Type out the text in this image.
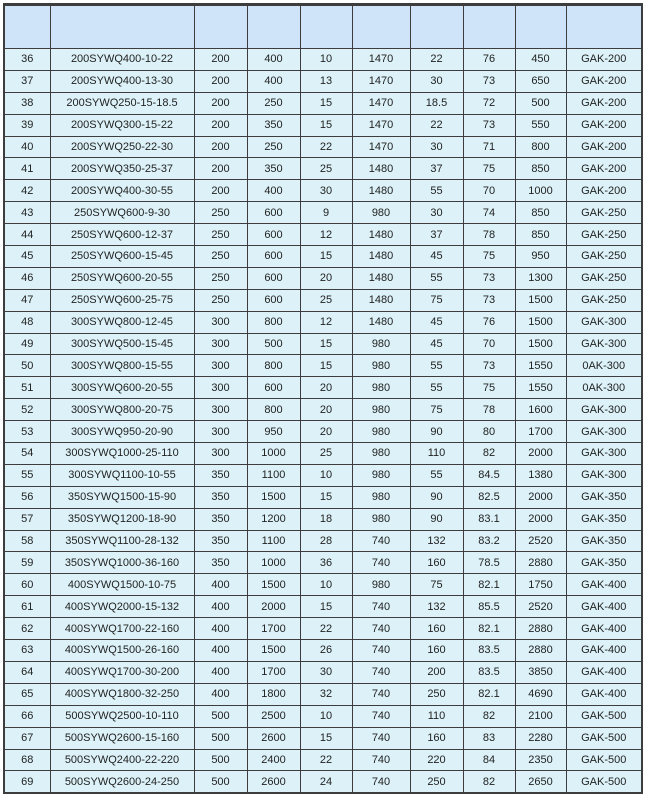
36	200SYWQ400-10-22	200	400	10	1470	22	76	450	GAK-200
37	200SYWQ400-13-30	200	400	13	1470	30	73	650	GAK-200
38	200SYWQ250-15-18.5	200	250	15	1470	18.5	72	500	GAK-200
39	200SYWQ300-15-22	200	350	15	1470	22	73	550	GAK-200
40	200SYWQ250-22-30	200	250	22	1470	30	71	800	GAK-200
41	200SYWQ350-25-37	200	350	25	1480	37	75	850	GAK-200
42	200SYWQ400-30-55	200	400	30	1480	55	70	1000	GAK-200
43	250SYWQ600-9-30	250	600	9	980	30	74	850	GAK-250
44	250SYWQ600-12-37	250	600	12	1480	37	78	850	GAK-250
45	250SYWQ600-15-45	250	600	15	1480	45	75	950	GAK-250
46	250SYWQ600-20-55	250	600	20	1480	55	73	1300	GAK-250
47	250SYWQ600-25-75	250	600	25	1480	75	73	1500	GAK-250
48	300SYWQ800-12-45	300	800	12	1480	45	76	1500	GAK-300
49	300SYWQ500-15-45	300	500	15	980	45	70	1500	GAK-300
50	300SYWQ800-15-55	300	800	15	980	55	73	1550	0AK-300
51	300SYWQ600-20-55	300	600	20	980	55	75	1550	0AK-300
52	300SYWQ800-20-75	300	800	20	980	75	78	1600	GAK-300
53	300SYWQ950-20-90	300	950	20	980	90	80	1700	GAK-300
54	300SYWQ1000-25-110	300	1000	25	980	110	82	2000	GAK-300
55	300SYWQ1100-10-55	350	1100	10	980	55	84.5	1380	GAK-300
56	350SYWQ1500-15-90	350	1500	15	980	90	82.5	2000	GAK-350
57	350SYWQ1200-18-90	350	1200	18	980	90	83.1	2000	GAK-350
58	350SYWQ1100-28-132	350	1100	28	740	132	83.2	2520	GAK-350
59	350SYWQ1000-36-160	350	1000	36	740	160	78.5	2880	GAK-350
60	400SYWQ1500-10-75	400	1500	10	980	75	82.1	1750	GAK-400
61	400SYWQ2000-15-132	400	2000	15	740	132	85.5	2520	GAK-400
62	400SYWQ1700-22-160	400	1700	22	740	160	82.1	2880	GAK-400
63	400SYWQ1500-26-160	400	1500	26	740	160	83.5	2880	GAK-400
64	400SYWQ1700-30-200	400	1700	30	740	200	83.5	3850	GAK-400
65	400SYWQ1800-32-250	400	1800	32	740	250	82.1	4690	GAK-400
66	500SYWQ2500-10-110	500	2500	10	740	110	82	2100	GAK-500
67	500SYWQ2600-15-160	500	2600	15	740	160	83	2280	GAK-500
68	500SYWQ2400-22-220	500	2400	22	740	220	84	2350	GAK-500
69	500SYWQ2600-24-250	500	2600	24	740	250	82	2650	GAK-500
